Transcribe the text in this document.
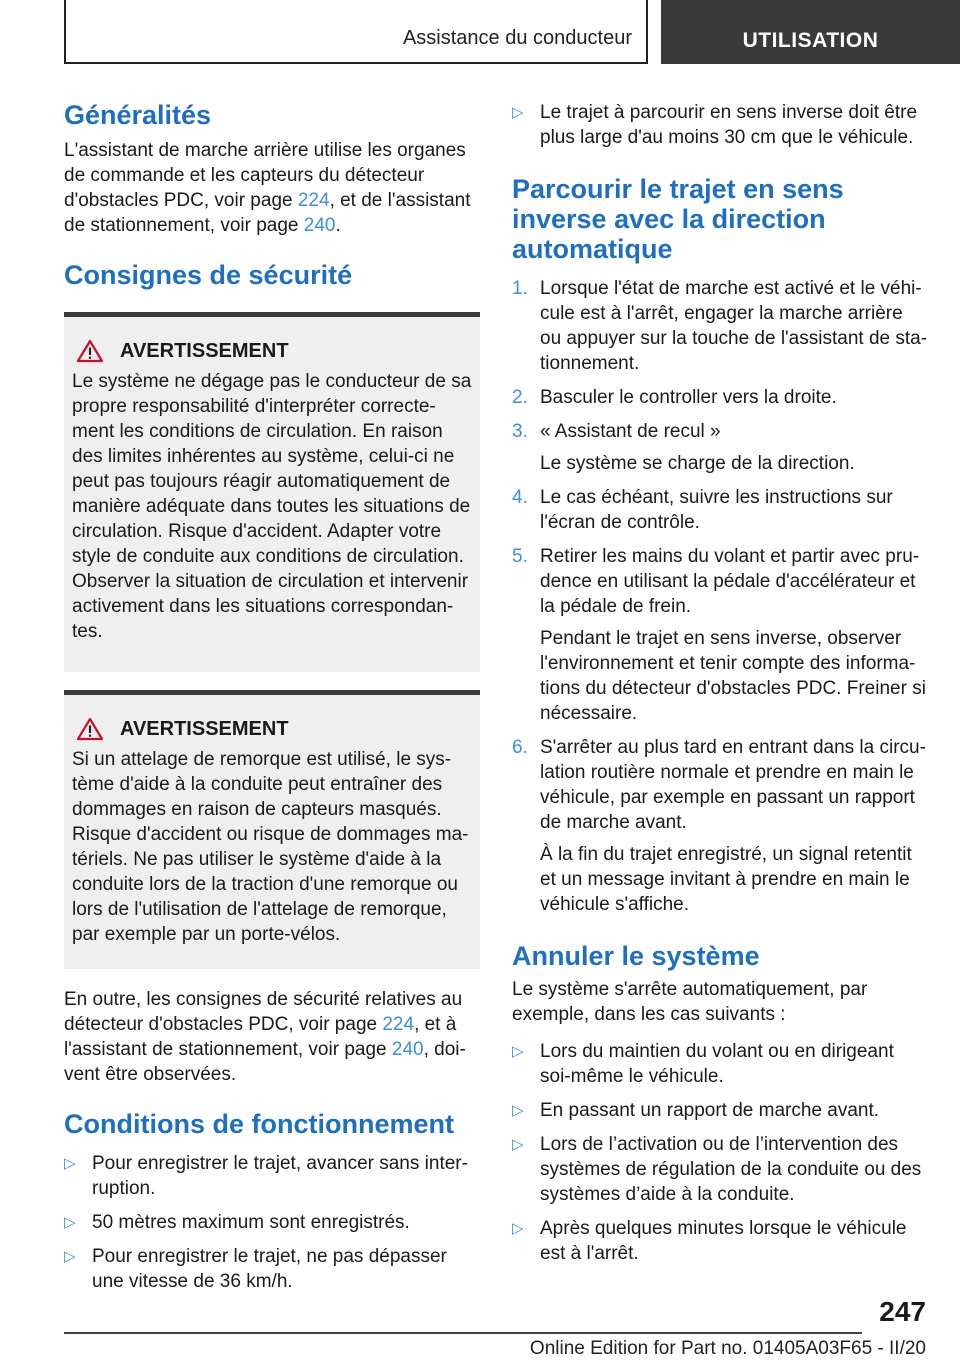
Assistance du conducteur	UTILISATION
Généralités

L'assistant de marche arrière utilise les organes de commande et les capteurs du détecteur d'obstacles PDC, voir page 224, et de l'assistant de stationnement, voir page 240.

Consignes de sécurité
AVERTISSEMENT

Le système ne dégage pas le conducteur de sa propre responsabilité d'interpréter correcte-ment les conditions de circulation. En raison des limites inhérentes au système, celui-ci ne peut pas toujours réagir automatiquement de manière adéquate dans toutes les situations de circulation. Risque d'accident. Adapter votre style de conduite aux conditions de circulation. Observer la situation de circulation et intervenir activement dans les situations correspondan-tes.

AVERTISSEMENT

Si un attelage de remorque est utilisé, le sys-tème d'aide à la conduite peut entraîner des dommages en raison de capteurs masqués. Risque d'accident ou risque de dommages ma-tériels. Ne pas utiliser le système d'aide à la conduite lors de la traction d'une remorque ou lors de l'utilisation de l'attelage de remorque, par exemple par un porte-vélos.

En outre, les consignes de sécurité relatives au détecteur d'obstacles PDC, voir page 224, et à l'assistant de stationnement, voir page 240, doi-vent être observées.

Conditions de fonctionnement
▷ Pour enregistrer le trajet, avancer sans inter-ruption.
▷ 50 mètres maximum sont enregistrés.
▷ Pour enregistrer le trajet, ne pas dépasser une vitesse de 36 km/h.
▷ Le trajet à parcourir en sens inverse doit être plus large d'au moins 30 cm que le véhicule.
Parcourir le trajet en sens inverse avec la direction automatique
1. Lorsque l'état de marche est activé et le véhi-cule est à l'arrêt, engager la marche arrière ou appuyer sur la touche de l'assistant de sta-tionnement.

2. Basculer le controller vers la droite.

3. « Assistant de recul »

Le système se charge de la direction.

4. Le cas échéant, suivre les instructions sur l'écran de contrôle.

5. Retirer les mains du volant et partir avec pru-dence en utilisant la pédale d'accélérateur et la pédale de frein.

Pendant le trajet en sens inverse, observer l'environnement et tenir compte des informa-tions du détecteur d'obstacles PDC. Freiner si nécessaire.

6. S'arrêter au plus tard en entrant dans la circu-lation routière normale et prendre en main le véhicule, par exemple en passant un rapport de marche avant.

À la fin du trajet enregistré, un signal retentit et un message invitant à prendre en main le véhicule s'affiche.

Annuler le système

Le système s'arrête automatiquement, par exemple, dans les cas suivants :

▷ Lors du maintien du volant ou en dirigeant soi-même le véhicule.
▷ En passant un rapport de marche avant.
▷ Lors de l’activation ou de l’intervention des systèmes de régulation de la conduite ou des systèmes d’aide à la conduite.
▷ Après quelques minutes lorsque le véhicule est à l'arrêt.
247
Online Edition for Part no. 01405A03F65 - II/20
